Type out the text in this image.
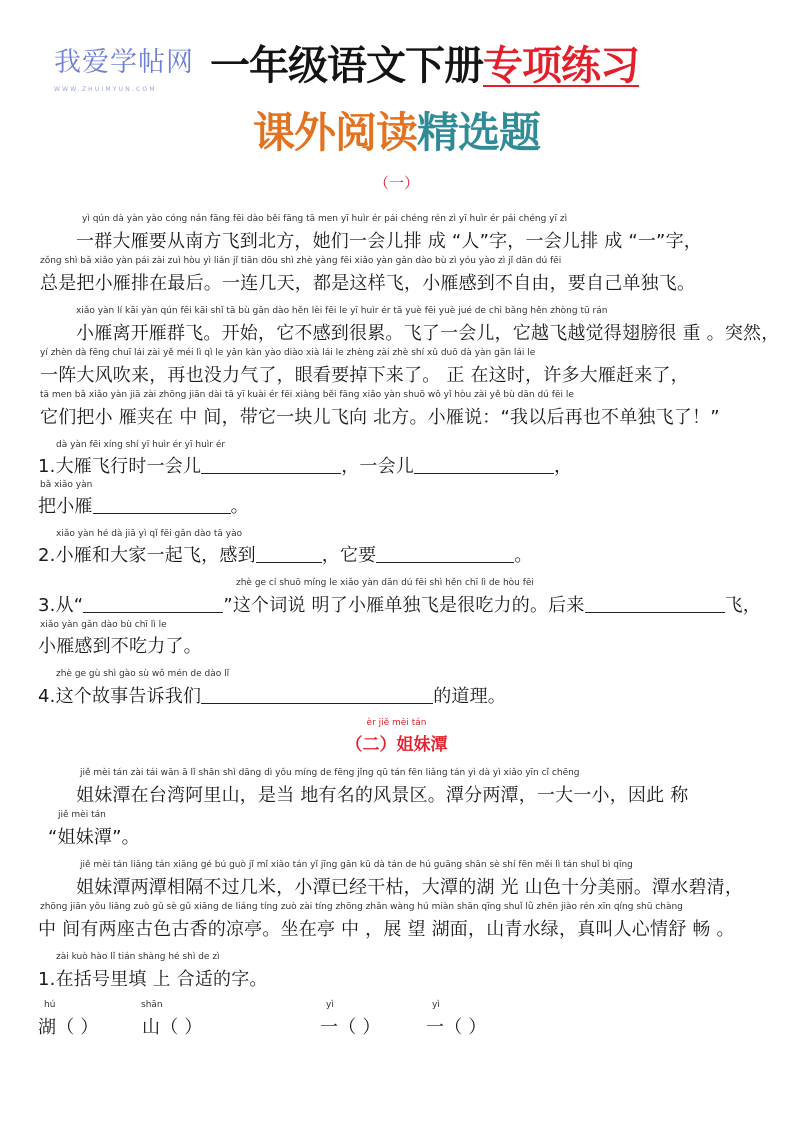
我爱学帖网
WWW.ZHUIMYUN.COM
一年级语文下册专项练习
课外阅读精选题
（一）
yì qún dà yàn yào cóng nán fāng fēi dào běi fāng tā men yī huìr ér pái chéng rén zì yī huìr ér pái chéng yī zì
一群大雁要从南方飞到北方，她们一会儿排 成 “人”字，一会儿排 成 “一”字，
zǒng shì bǎ xiǎo yàn pái zài zuì hòu yì lián jǐ tiān dōu shì zhè yàng fēi xiǎo yàn gǎn dào bù zì yóu yào zì jǐ dān dú fēi
总是把小雁排在最后。一连几天，都是这样飞，小雁感到不自由，要自己单独飞。
xiǎo yàn lí kāi yàn qún fēi kāi shǐ tā bù gǎn dào hěn lèi fēi le yī huìr ér tā yuè fēi yuè jué de chì bǎng hěn zhòng tū rán
小雁离开雁群飞。开始，它不感到很累。飞了一会儿，它越飞越觉得翅膀很 重 。突然，
yí zhèn dà fēng chuī lái zài yě méi lì qì le yǎn kàn yào diào xià lái le zhèng zài zhè shí xǔ duō dà yàn gǎn lái le
一阵大风吹来，再也没力气了，眼看要掉下来了。 正 在这时，许多大雁赶来了，
tā men bǎ xiǎo yàn jiā zài zhōng jiān dài tā yī kuài ér fēi xiàng běi fāng xiǎo yàn shuō wǒ yǐ hòu zài yě bù dān dú fēi le
它们把小 雁夹在 中 间，带它一块儿飞向 北方。小雁说：“我以后再也不单独飞了！”
dà yàn fēi xíng shí yī huìr ér yī huìr ér
1.大雁飞行时一会儿	，一会儿	，
bǎ xiǎo yàn
把小雁	。
xiǎo yàn hé dà jiā yì qǐ fēi gǎn dào tā yào
2.小雁和大家一起飞，感到	，它要	。
zhè ge cí shuō míng le xiǎo yàn dān dú fēi shì hěn chī lì de hòu fēi
3.从“	”这个词说 明了小雁单独飞是很吃力的。后来	飞，
xiǎo yàn gǎn dào bù chī lì le
小雁感到不吃力了。
zhè ge gù shì gào sù wǒ mén de dào lǐ
4.这个故事告诉我们	的道理。
èr jiě mèi tán
（二）姐妹潭
jiě mèi tán zài tái wān ā lǐ shān shì dāng dì yǒu míng de fēng jǐng qū tán fēn liǎng tán yì dà yì xiǎo yīn cǐ chēng
姐妹潭在台湾阿里山，是当 地有名的风景区。潭分两潭，一大一小，因此 称
jiě mèi tán
“姐妹潭”。
jiě mèi tán liǎng tán xiāng gé bú guò jǐ mǐ xiǎo tán yǐ jīng gān kū dà tán de hú guāng shān sè shí fēn měi lì tán shuǐ bì qīng
姐妹潭两潭相隔不过几米，小潭已经干枯，大潭的湖 光 山色十分美丽。潭水碧清，
zhōng jiān yǒu liǎng zuò gǔ sè gǔ xiāng de liáng tíng zuò zài tíng zhōng zhǎn wàng hú miàn shān qīng shuǐ lǜ zhēn jiào rén xīn qíng shū chàng
中 间有两座古色古香的凉亭。坐在亭 中 ，展 望 湖面，山青水绿，真叫人心情舒 畅 。
zài kuò hào lǐ tián shàng hé shì de zì
1.在括号里填 上 合适的字。
hú
湖（ ）
shān
山（ ）
yì
一（ ）
yì
一（ ）
